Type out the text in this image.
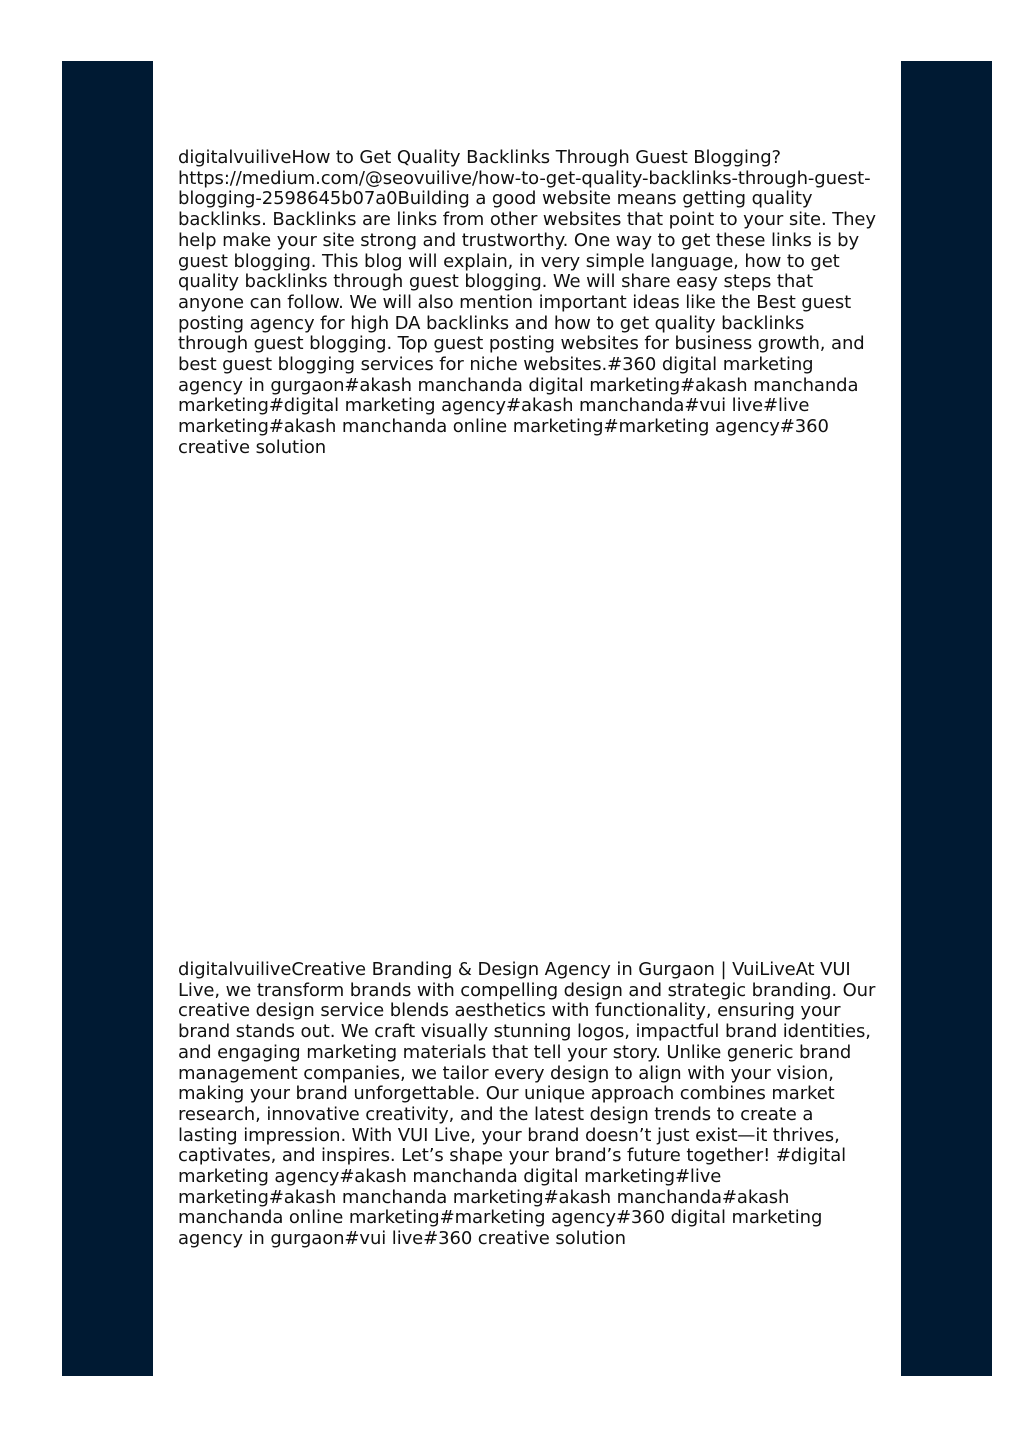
digitalvuiliveHow to Get Quality Backlinks Through Guest Blogging? https://medium.com/@seovuilive/how-to-get-quality-backlinks-through-guest-blogging-2598645b07a0Building a good website means getting quality backlinks. Backlinks are links from other websites that point to your site. They help make your site strong and trustworthy. One way to get these links is by guest blogging. This blog will explain, in very simple language, how to get quality backlinks through guest blogging. We will share easy steps that anyone can follow. We will also mention important ideas like the Best guest posting agency for high DA backlinks and how to get quality backlinks through guest blogging. Top guest posting websites for business growth, and best guest blogging services for niche websites.#360 digital marketing agency in gurgaon#akash manchanda digital marketing#akash manchanda marketing#digital marketing agency#akash manchanda#vui live#live marketing#akash manchanda online marketing#marketing agency#360 creative solution
digitalvuiliveCreative Branding & Design Agency in Gurgaon | VuiLiveAt VUI Live, we transform brands with compelling design and strategic branding. Our creative design service blends aesthetics with functionality, ensuring your brand stands out. We craft visually stunning logos, impactful brand identities, and engaging marketing materials that tell your story. Unlike generic brand management companies, we tailor every design to align with your vision, making your brand unforgettable. Our unique approach combines market research, innovative creativity, and the latest design trends to create a lasting impression. With VUI Live, your brand doesn’t just exist—it thrives, captivates, and inspires. Let’s shape your brand’s future together! #digital marketing agency#akash manchanda digital marketing#live marketing#akash manchanda marketing#akash manchanda#akash manchanda online marketing#marketing agency#360 digital marketing agency in gurgaon#vui live#360 creative solution
